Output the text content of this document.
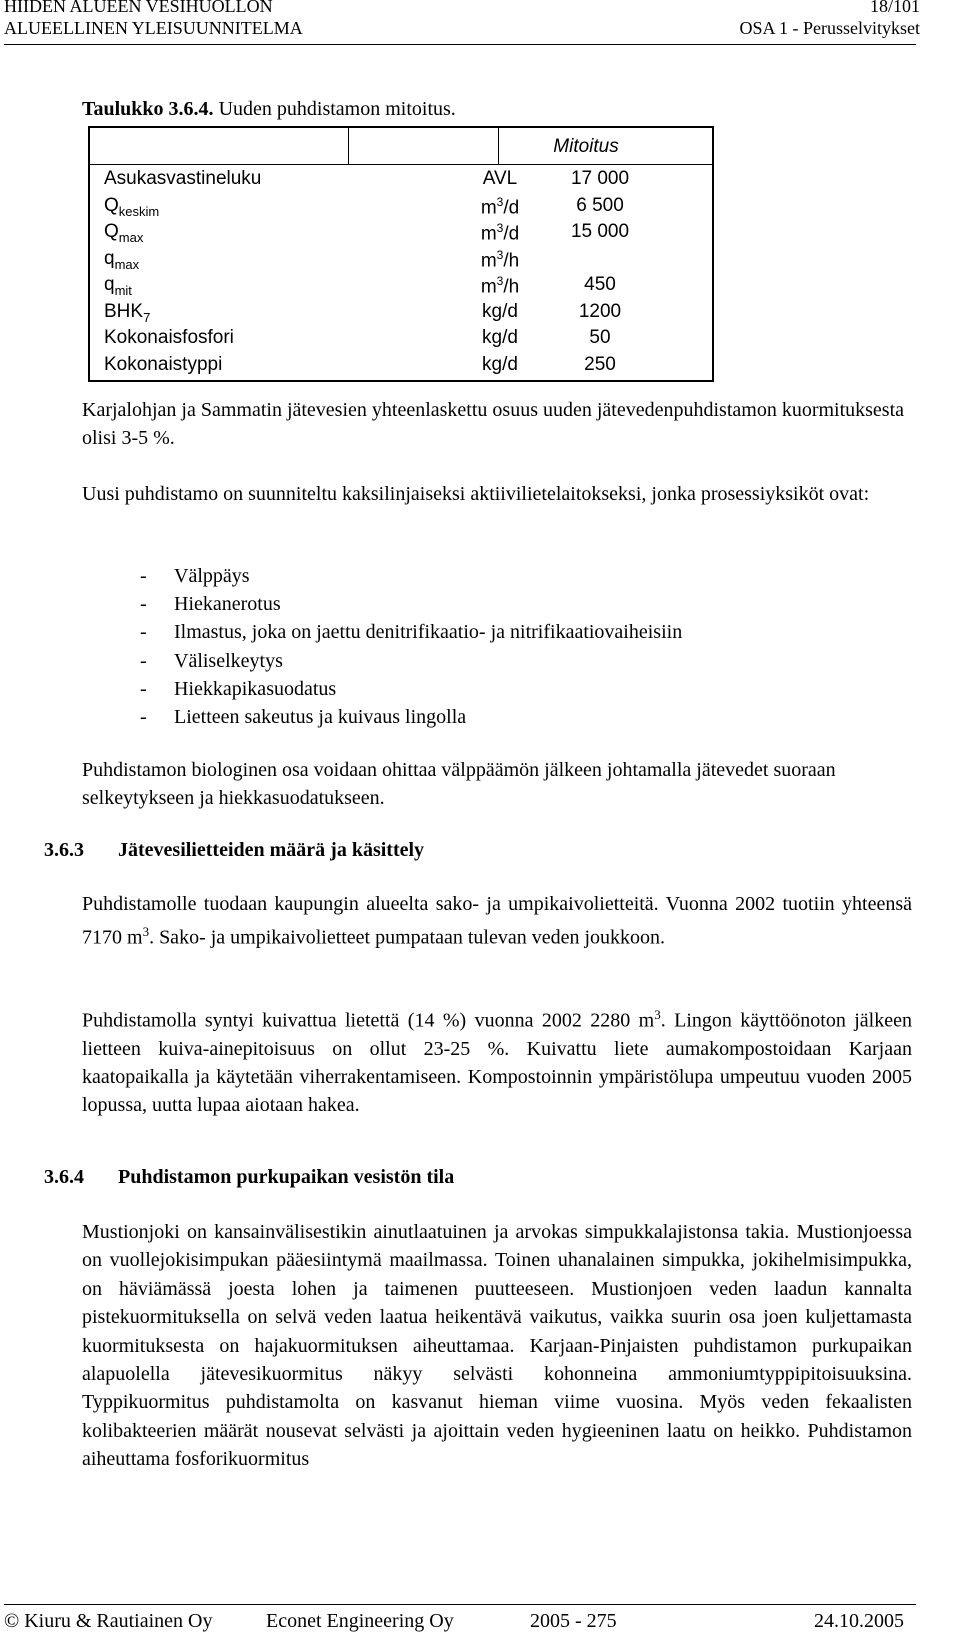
HIIDEN ALUEEN VESIHUOLLON	18/101
ALUEELLINEN YLEISUUNNITELMA	OSA 1 - Perusselvitykset
Taulukko 3.6.4. Uuden puhdistamon mitoitus.
Mitoitus
Asukasvastineluku	AVL	17 000
$Q_{keskim}$	$m^3/d$	6 500
$Q_{max}$	$m^3/d$	15 000
$q_{max}$	$m^3/h$
$q_{mit}$	$m^3/h$	450
$BHK_7$	kg/d	1200
Kokonaisfosfori	kg/d	50
Kokonaistyppi	kg/d	250
Karjalohjan ja Sammatin jätevesien yhteenlaskettu osuus uuden jätevedenpuhdistamon kuormituksesta olisi 3-5 %.
Uusi puhdistamo on suunniteltu kaksilinjaiseksi aktiivilietelaitokseksi, jonka prosessiyksiköt ovat:
- Välppäys
- Hiekanerotus
- Ilmastus, joka on jaettu denitrifikaatio- ja nitrifikaatiovaiheisiin
- Väliselkeytys
- Hiekkapikasuodatus
- Lietteen sakeutus ja kuivaus lingolla
Puhdistamon biologinen osa voidaan ohittaa välppäämön jälkeen johtamalla jätevedet suoraan selkeytykseen ja hiekkasuodatukseen.
3.6.3 Jätevesilietteiden määrä ja käsittely
Puhdistamolle tuodaan kaupungin alueelta sako- ja umpikaivolietteitä. Vuonna 2002 tuotiin yhteensä 7170 $m^3$. Sako- ja umpikaivolietteet pumpataan tulevan veden joukkoon.
Puhdistamolla syntyi kuivattua lietettä (14 %) vuonna 2002 2280 $m^3$. Lingon käyttöönoton jälkeen lietteen kuiva-ainepitoisuus on ollut 23-25 %. Kuivattu liete aumakompostoidaan Karjaan kaatopaikalla ja käytetään viherrakentamiseen. Kompostoinnin ympäristölupa umpeutuu vuoden 2005 lopussa, uutta lupaa aiotaan hakea.
3.6.4 Puhdistamon purkupaikan vesistön tila
Mustionjoki on kansainvälisestikin ainutlaatuinen ja arvokas simpukkalajistonsa takia. Mustionjoessa on vuollejokisimpukan pääesiintymä maailmassa. Toinen uhanalainen simpukka, jokihelmisimpukka, on häviämässä joesta lohen ja taimenen puutteeseen. Mustionjoen veden laadun kannalta pistekuormituksella on selvä veden laatua heikentävä vaikutus, vaikka suurin osa joen kuljettamasta kuormituksesta on hajakuormituksen aiheuttamaa. Karjaan-Pinjaisten puhdistamon purkupaikan alapuolella jätevesikuormitus näkyy selvästi kohonneina ammoniumtyppipitoisuuksina. Typpikuormitus puhdistamolta on kasvanut hieman viime vuosina. Myös veden fekaalisten kolibakteerien määrät nousevat selvästi ja ajoittain veden hygieeninen laatu on heikko. Puhdistamon aiheuttama fosforikuormitus
© Kiuru & Rautiainen Oy	Econet Engineering Oy	2005 - 275	24.10.2005
